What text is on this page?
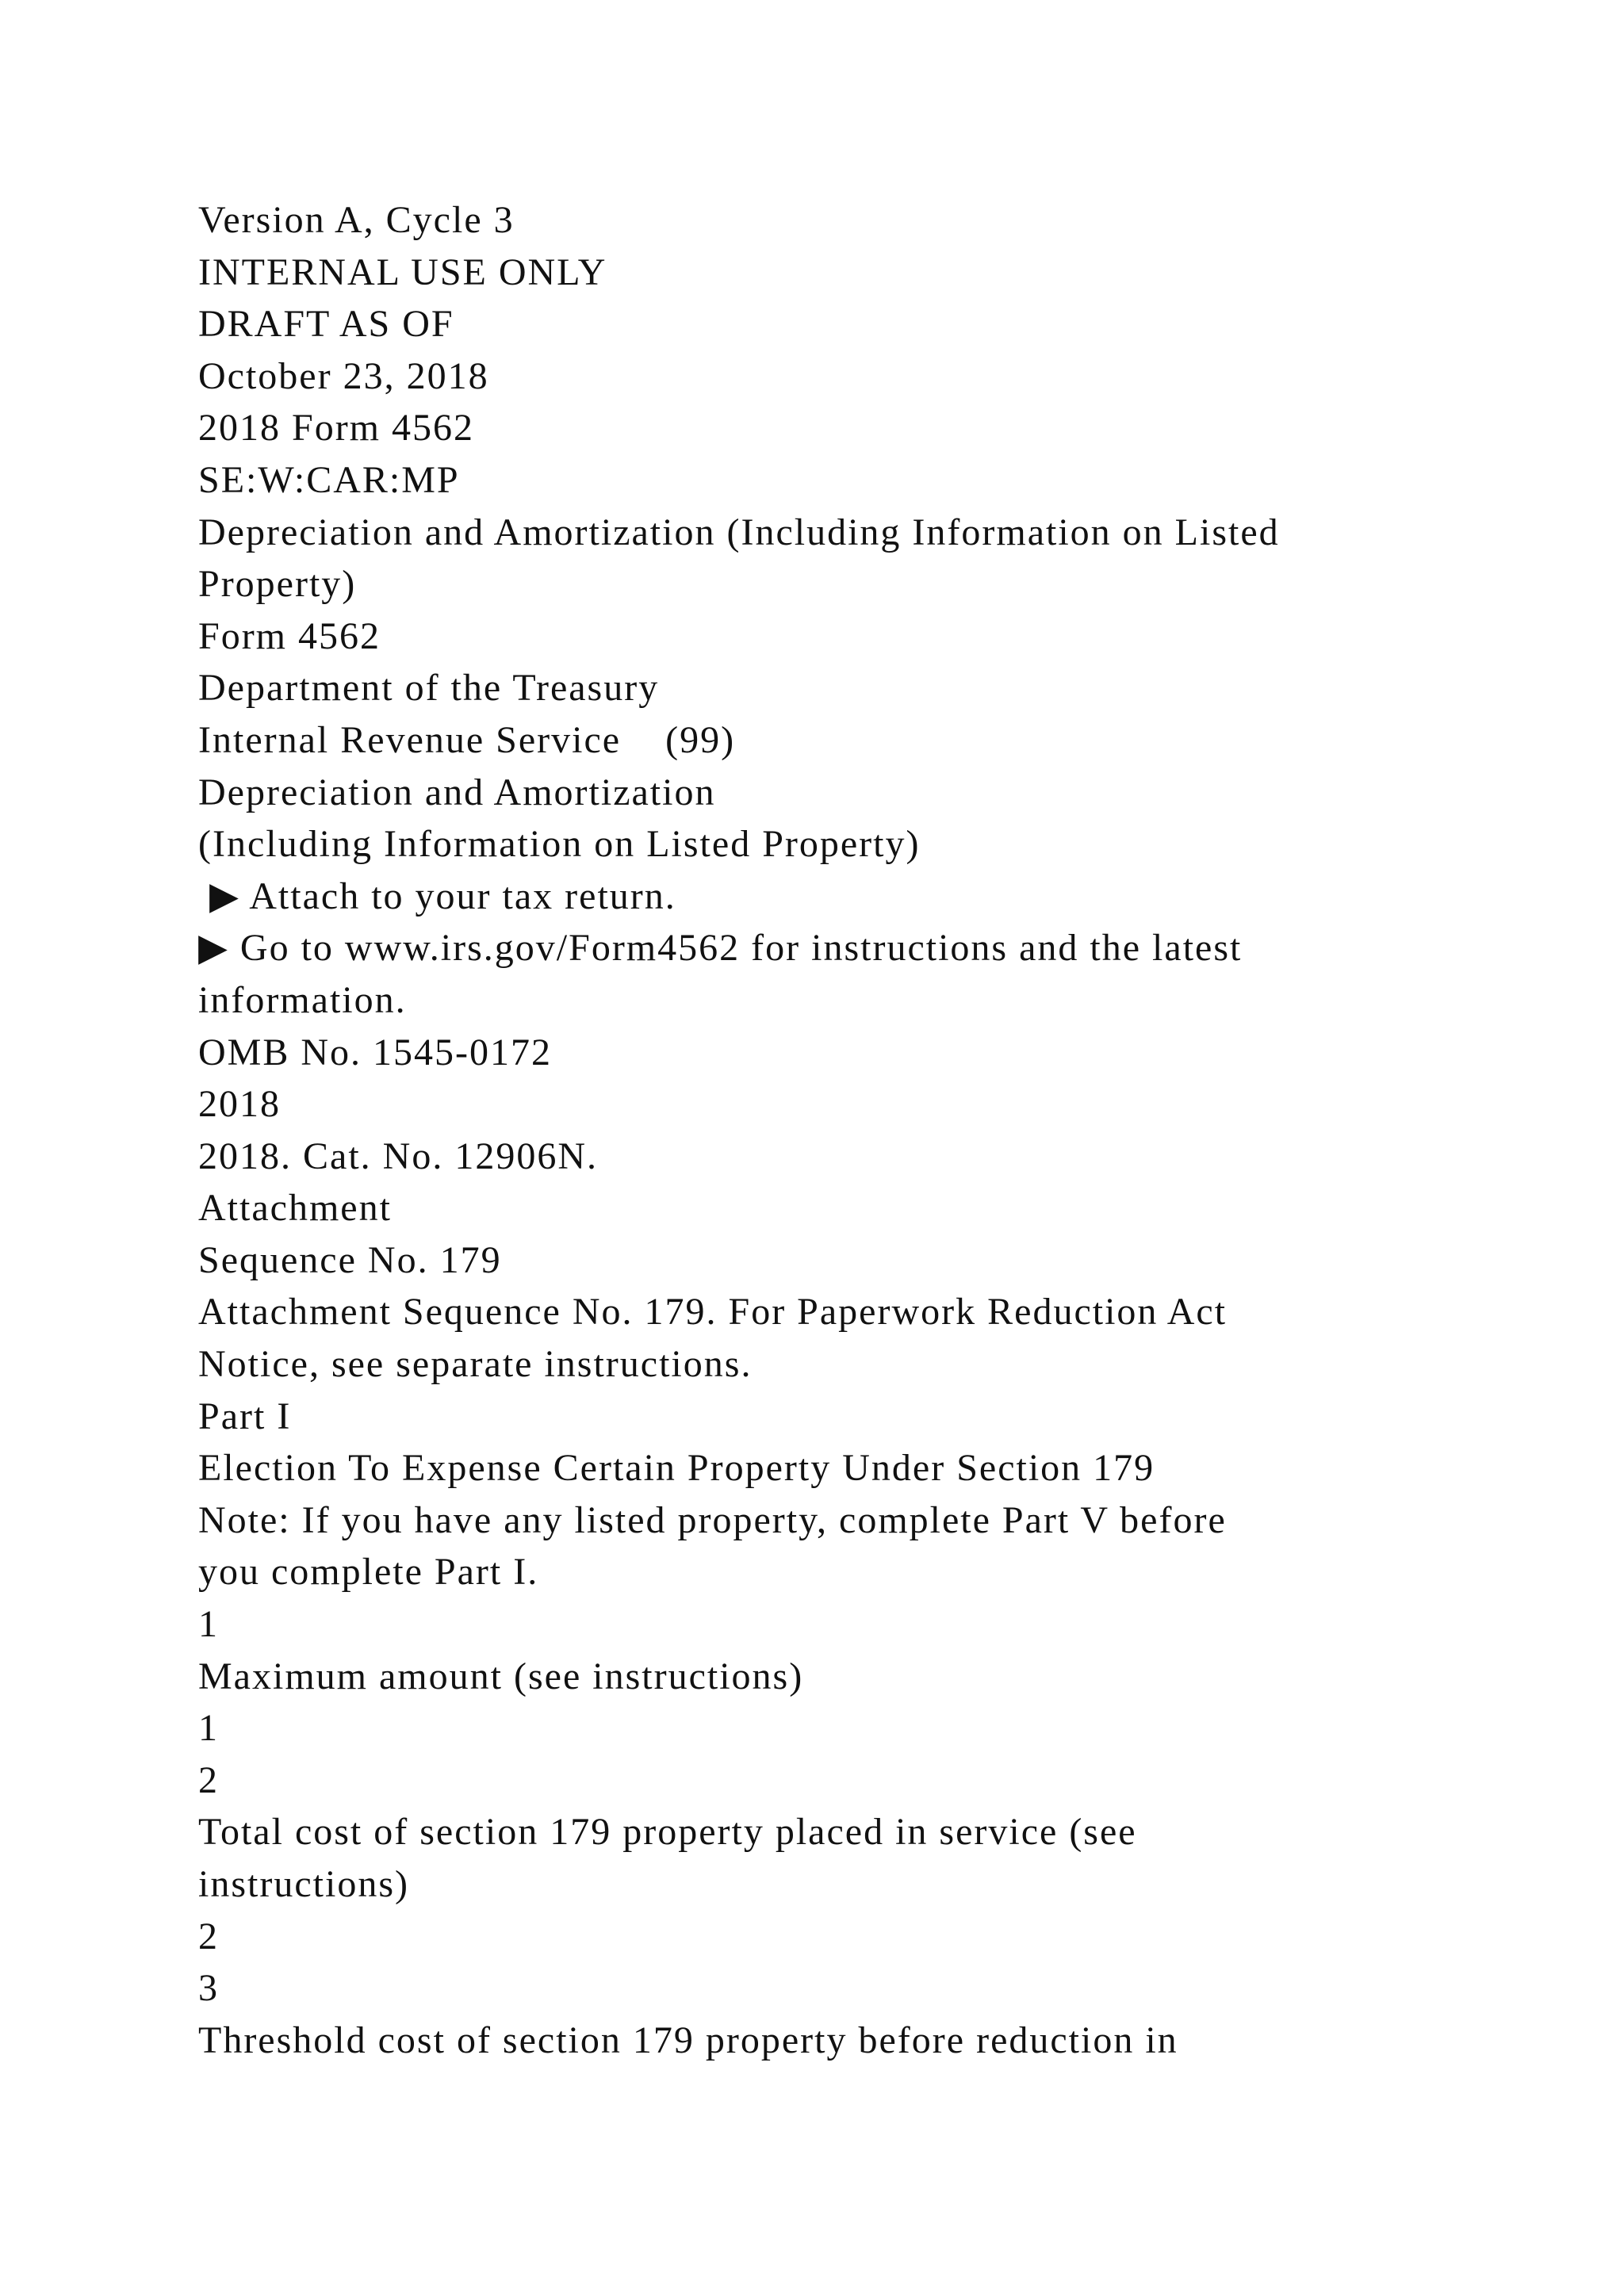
Version A, Cycle 3
INTERNAL USE ONLY
DRAFT AS OF
October 23, 2018
2018 Form 4562
SE:W:CAR:MP
Depreciation and Amortization (Including Information on Listed
Property)
Form 4562
Department of the Treasury
Internal Revenue Service    (99)
Depreciation and Amortization
(Including Information on Listed Property)
▶ Attach to your tax return.
▶ Go to www.irs.gov/Form4562 for instructions and the latest
information.
OMB No. 1545-0172
2018
2018. Cat. No. 12906N.
Attachment
Sequence No. 179
Attachment Sequence No. 179. For Paperwork Reduction Act
Notice, see separate instructions.
Part I
Election To Expense Certain Property Under Section 179
Note: If you have any listed property, complete Part V before
you complete Part I.
1
Maximum amount (see instructions)
1
2
Total cost of section 179 property placed in service (see
instructions)
2
3
Threshold cost of section 179 property before reduction in
